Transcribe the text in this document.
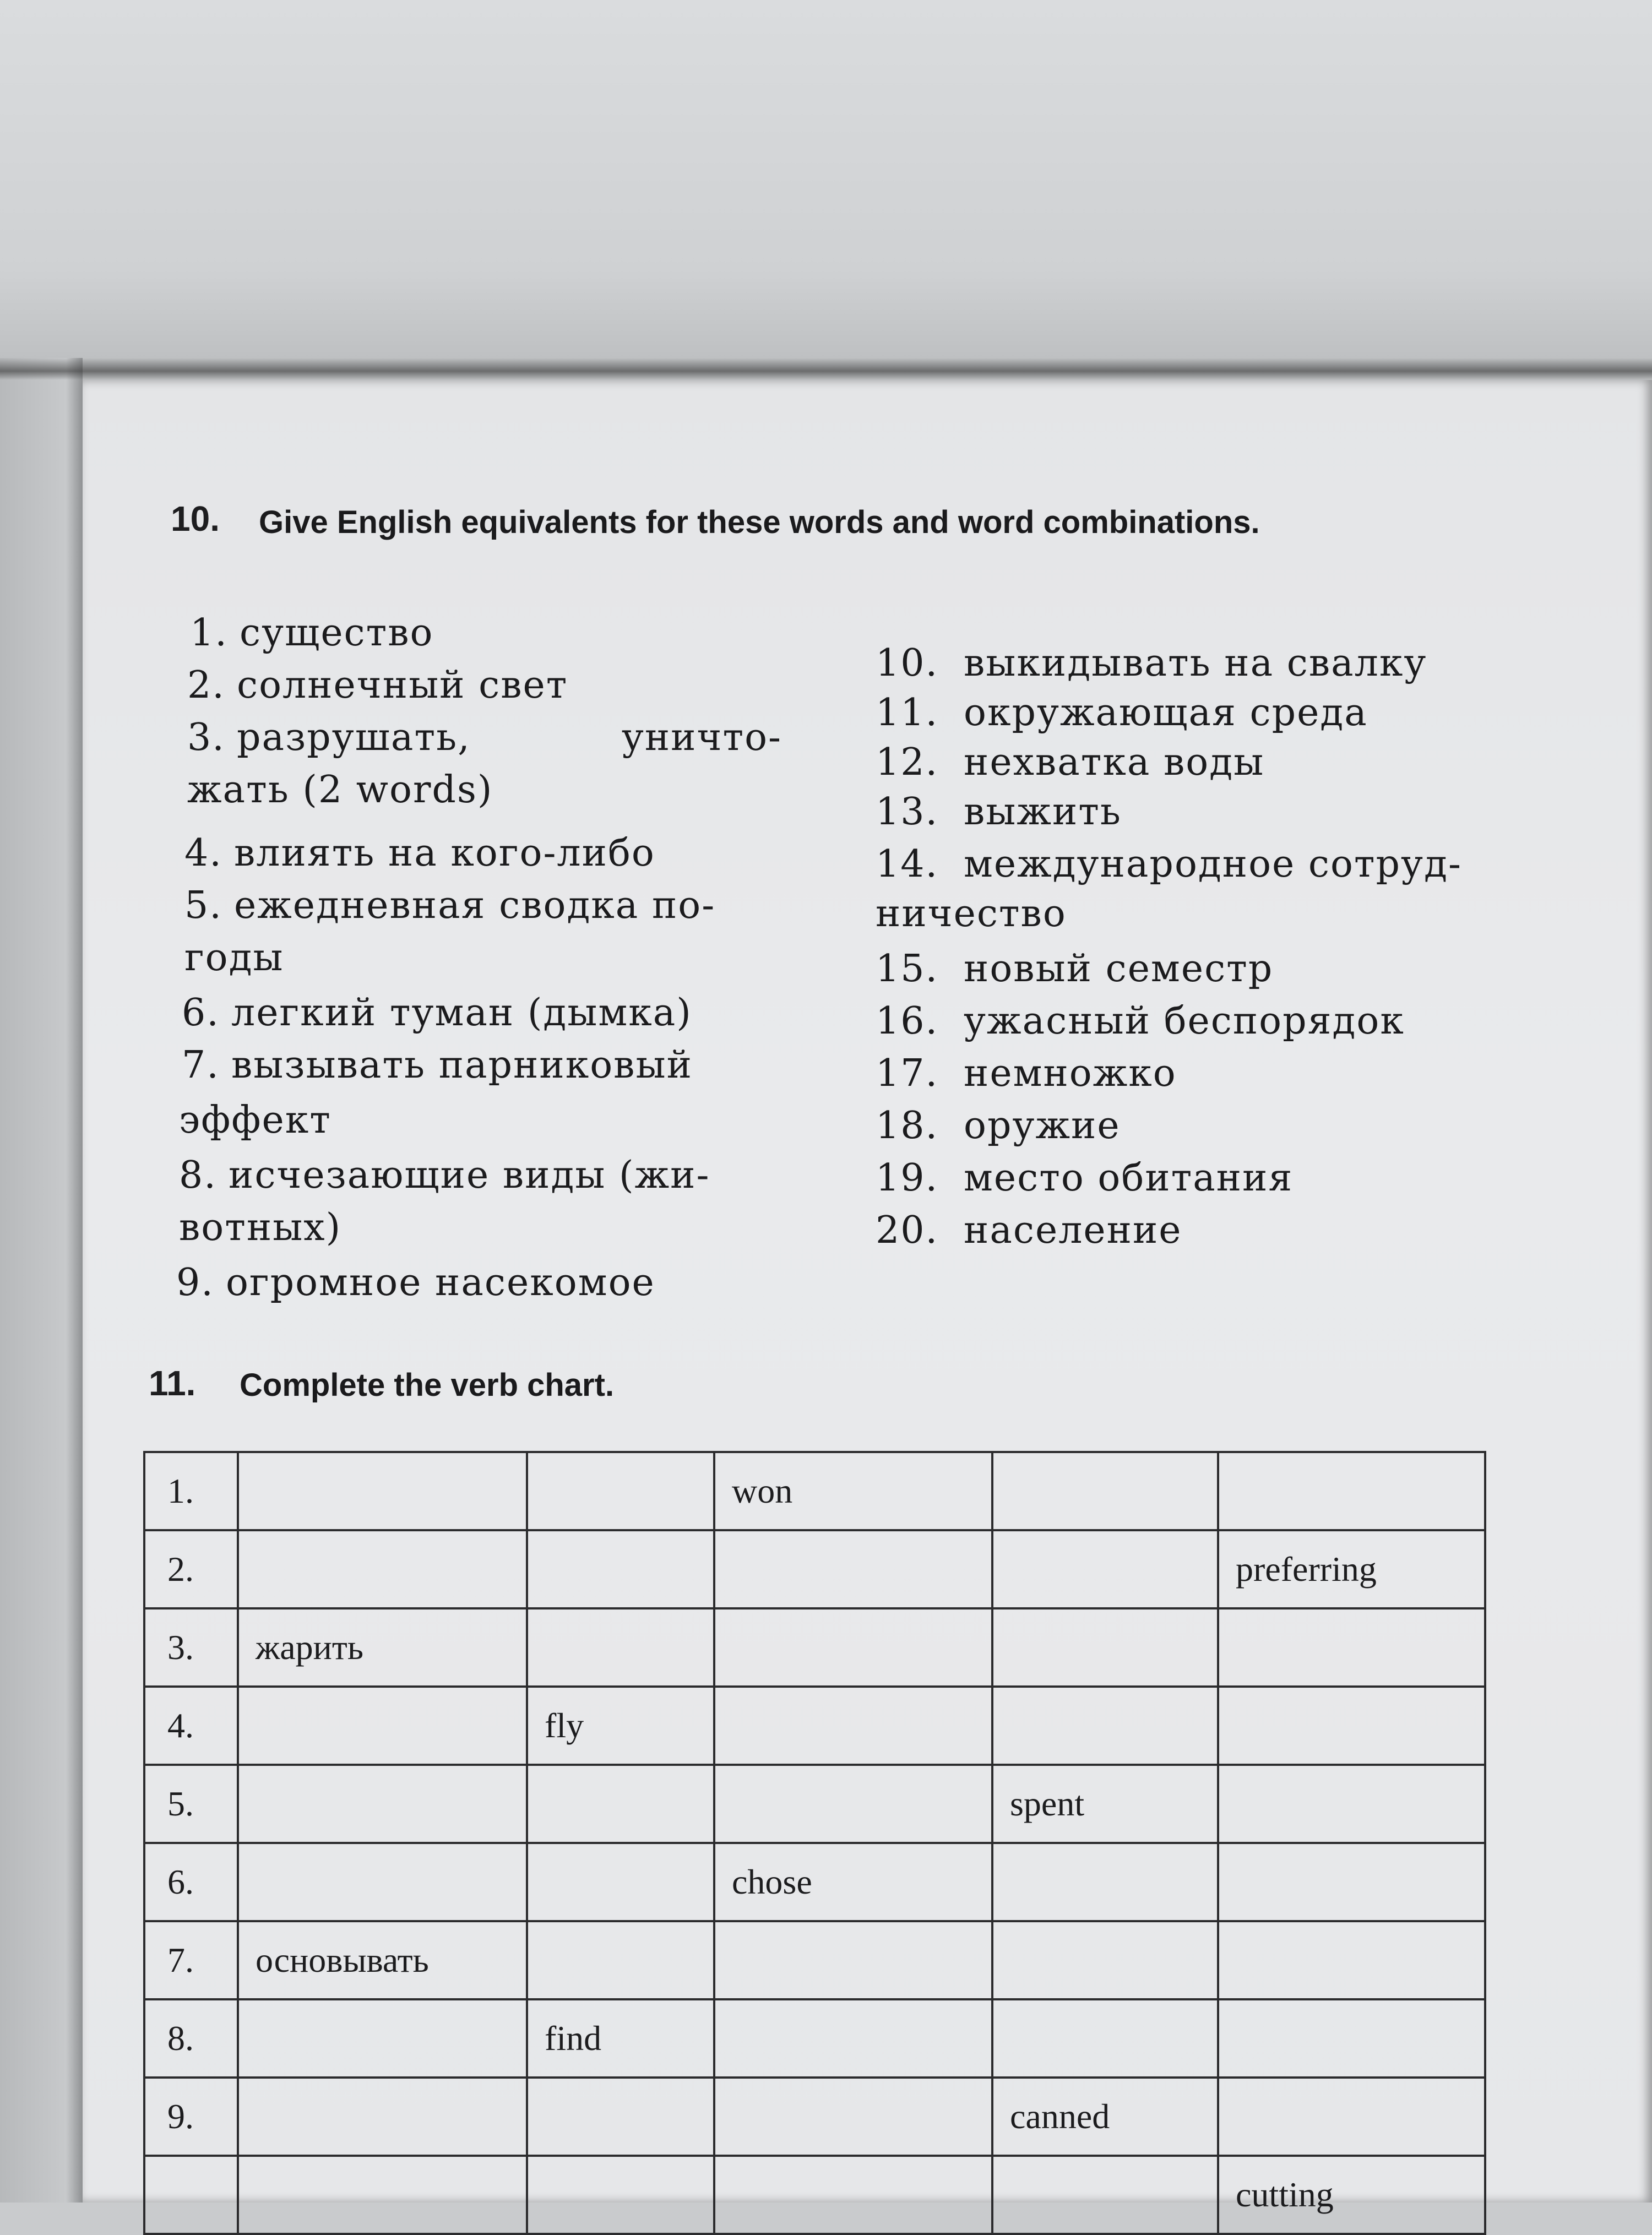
10. Give English equivalents for these words and word combinations.
1. существо
2. солнечный свет
3. разрушать, уничто-
жать (2 words)
4. влиять на кого-либо
5. ежедневная сводка по-
годы
6. легкий туман (дымка)
7. вызывать парниковый
эффект
8. исчезающие виды (жи-
вотных)
9. огромное насекомое
10. выкидывать на свалку
11. окружающая среда
12. нехватка воды
13. выжить
14. международное сотруд-
ничество
15. новый семестр
16. ужасный беспорядок
17. немножко
18. оружие
19. место обитания
20. население
11. Complete the verb chart.
1.			won		
2.					preferring
3.	жарить				
4.		fly			
5.				spent	
6.			chose		
7.	основывать				
8.		find			
9.				canned	
					cutting
